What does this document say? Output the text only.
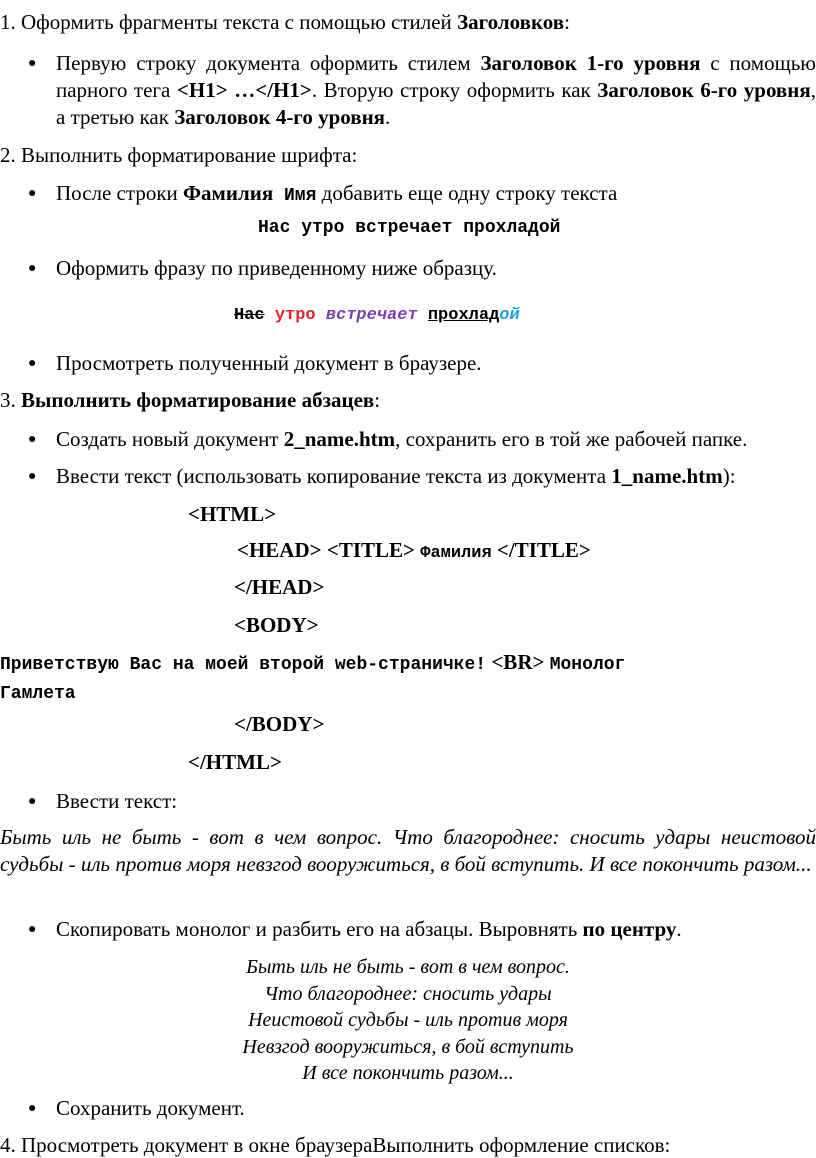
1. Оформить фрагменты текста с помощью стилей Заголовков:
● Первую строку документа оформить стилем Заголовок 1-го уровня с помощью парного тега <H1> …</H1>. Вторую строку оформить как Заголовок 6-го уровня, а третью как Заголовок 4-го уровня.
2. Выполнить форматирование шрифта:
● После строки Фамилия Имя добавить еще одну строку текста
Нас утро встречает прохладой
● Оформить фразу по приведенному ниже образцу.
Нас утро встречает прохладой
● Просмотреть полученный документ в браузере.
3. Выполнить форматирование абзацев:
● Создать новый документ 2_name.htm, сохранить его в той же рабочей папке.
● Ввести текст (использовать копирование текста из документа 1_name.htm):
<HTML>
<HEAD> <TITLE> Фамилия </TITLE>
</HEAD>
<BODY>
Приветствую Вас на моей второй web-страничке! <BR> Монолог
Гамлета
</BODY>
</HTML>
● Ввести текст:
Быть иль не быть - вот в чем вопрос. Что благороднее: сносить удары неистовой судьбы - иль против моря невзгод вооружиться, в бой вступить. И все покончить разом...
● Скопировать монолог и разбить его на абзацы. Выровнять по центру.
Быть иль не быть - вот в чем вопрос.
Что благороднее: сносить удары
Неистовой судьбы - иль против моря
Невзгод вооружиться, в бой вступить
И все покончить разом...
● Сохранить документ.
4. Просмотреть документ в окне браузераВыполнить оформление списков:
